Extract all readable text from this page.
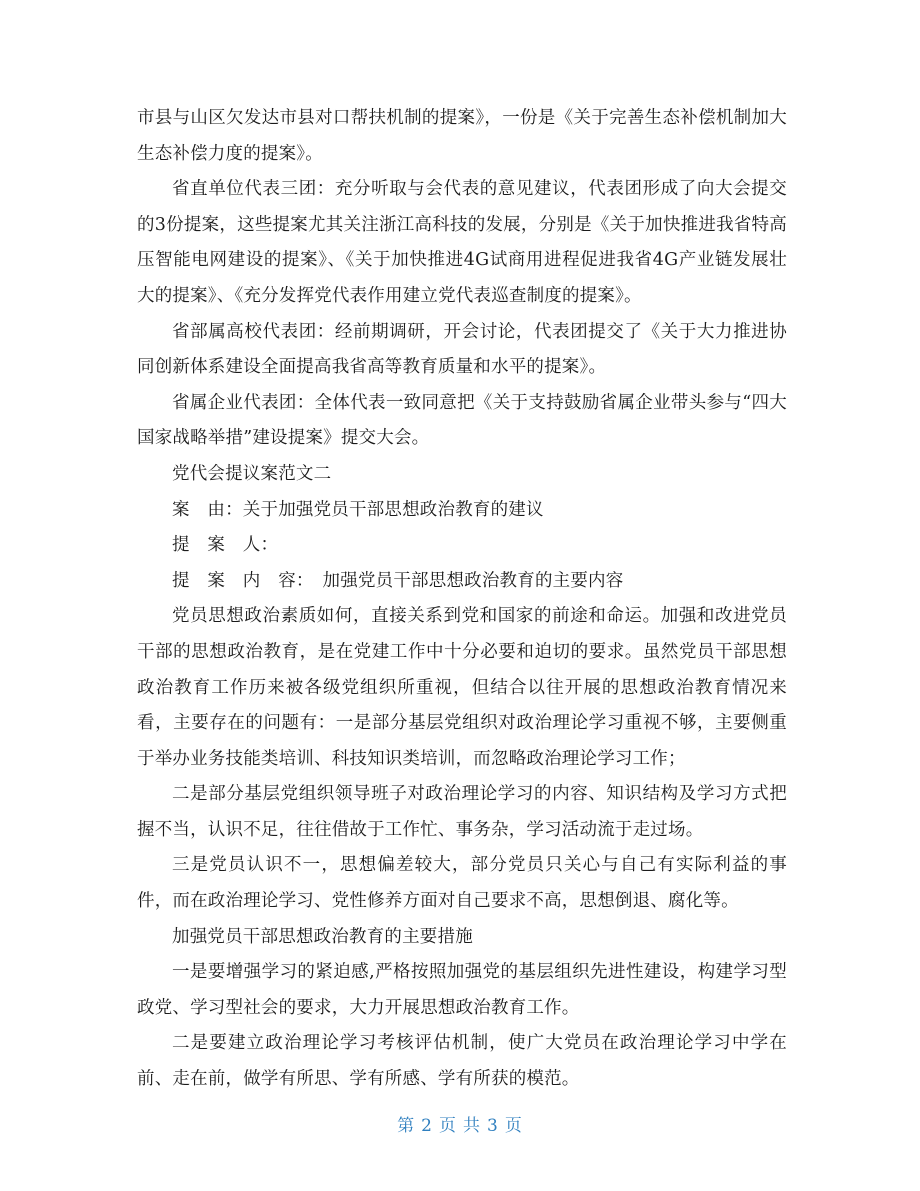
市县与山区欠发达市县对口帮扶机制的提案》，一份是《关于完善生态补偿机制加大生态补偿力度的提案》。

省直单位代表三团：充分听取与会代表的意见建议，代表团形成了向大会提交的3份提案，这些提案尤其关注浙江高科技的发展，分别是《关于加快推进我省特高压智能电网建设的提案》、《关于加快推进4G试商用进程促进我省4G产业链发展壮大的提案》、《充分发挥党代表作用建立党代表巡查制度的提案》。

省部属高校代表团：经前期调研，开会讨论，代表团提交了《关于大力推进协同创新体系建设全面提高我省高等教育质量和水平的提案》。

省属企业代表团：全体代表一致同意把《关于支持鼓励省属企业带头参与“四大国家战略举措”建设提案》提交大会。

党代会提议案范文二

案　由：关于加强党员干部思想政治教育的建议

提　案　人：

提　案　内　容：　加强党员干部思想政治教育的主要内容

党员思想政治素质如何，直接关系到党和国家的前途和命运。加强和改进党员干部的思想政治教育，是在党建工作中十分必要和迫切的要求。虽然党员干部思想政治教育工作历来被各级党组织所重视，但结合以往开展的思想政治教育情况来看，主要存在的问题有：一是部分基层党组织对政治理论学习重视不够，主要侧重于举办业务技能类培训、科技知识类培训，而忽略政治理论学习工作；

二是部分基层党组织领导班子对政治理论学习的内容、知识结构及学习方式把握不当，认识不足，往往借故于工作忙、事务杂，学习活动流于走过场。

三是党员认识不一，思想偏差较大，部分党员只关心与自己有实际利益的事件，而在政治理论学习、党性修养方面对自己要求不高，思想倒退、腐化等。

加强党员干部思想政治教育的主要措施

一是要增强学习的紧迫感,严格按照加强党的基层组织先进性建设，构建学习型政党、学习型社会的要求，大力开展思想政治教育工作。

二是要建立政治理论学习考核评估机制，使广大党员在政治理论学习中学在前、走在前，做学有所思、学有所感、学有所获的模范。

第 2 页 共 3 页
